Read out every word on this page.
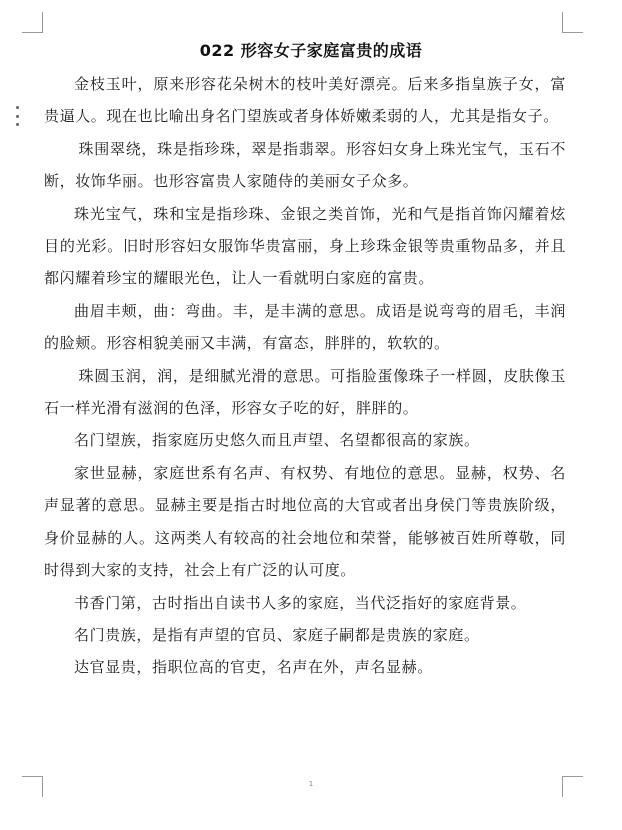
022 形容女子家庭富贵的成语

金枝玉叶，原来形容花朵树木的枝叶美好漂亮。后来多指皇族子女，富贵逼人。现在也比喻出身名门望族或者身体娇嫩柔弱的人，尤其是指女子。

珠围翠绕，珠是指珍珠，翠是指翡翠。形容妇女身上珠光宝气，玉石不断，妆饰华丽。也形容富贵人家随侍的美丽女子众多。

珠光宝气，珠和宝是指珍珠、金银之类首饰，光和气是指首饰闪耀着炫目的光彩。旧时形容妇女服饰华贵富丽，身上珍珠金银等贵重物品多，并且都闪耀着珍宝的耀眼光色，让人一看就明白家庭的富贵。

曲眉丰颊，曲：弯曲。丰，是丰满的意思。成语是说弯弯的眉毛，丰润的脸颊。形容相貌美丽又丰满，有富态，胖胖的，软软的。

珠圆玉润，润，是细腻光滑的意思。可指脸蛋像珠子一样圆，皮肤像玉石一样光滑有滋润的色泽，形容女子吃的好，胖胖的。

名门望族，指家庭历史悠久而且声望、名望都很高的家族。

家世显赫，家庭世系有名声、有权势、有地位的意思。显赫，权势、名声显著的意思。显赫主要是指古时地位高的大官或者出身侯门等贵族阶级，身价显赫的人。这两类人有较高的社会地位和荣誉，能够被百姓所尊敬，同时得到大家的支持，社会上有广泛的认可度。

书香门第，古时指出自读书人多的家庭，当代泛指好的家庭背景。

名门贵族，是指有声望的官员、家庭子嗣都是贵族的家庭。

达官显贵，指职位高的官吏，名声在外，声名显赫。

1
